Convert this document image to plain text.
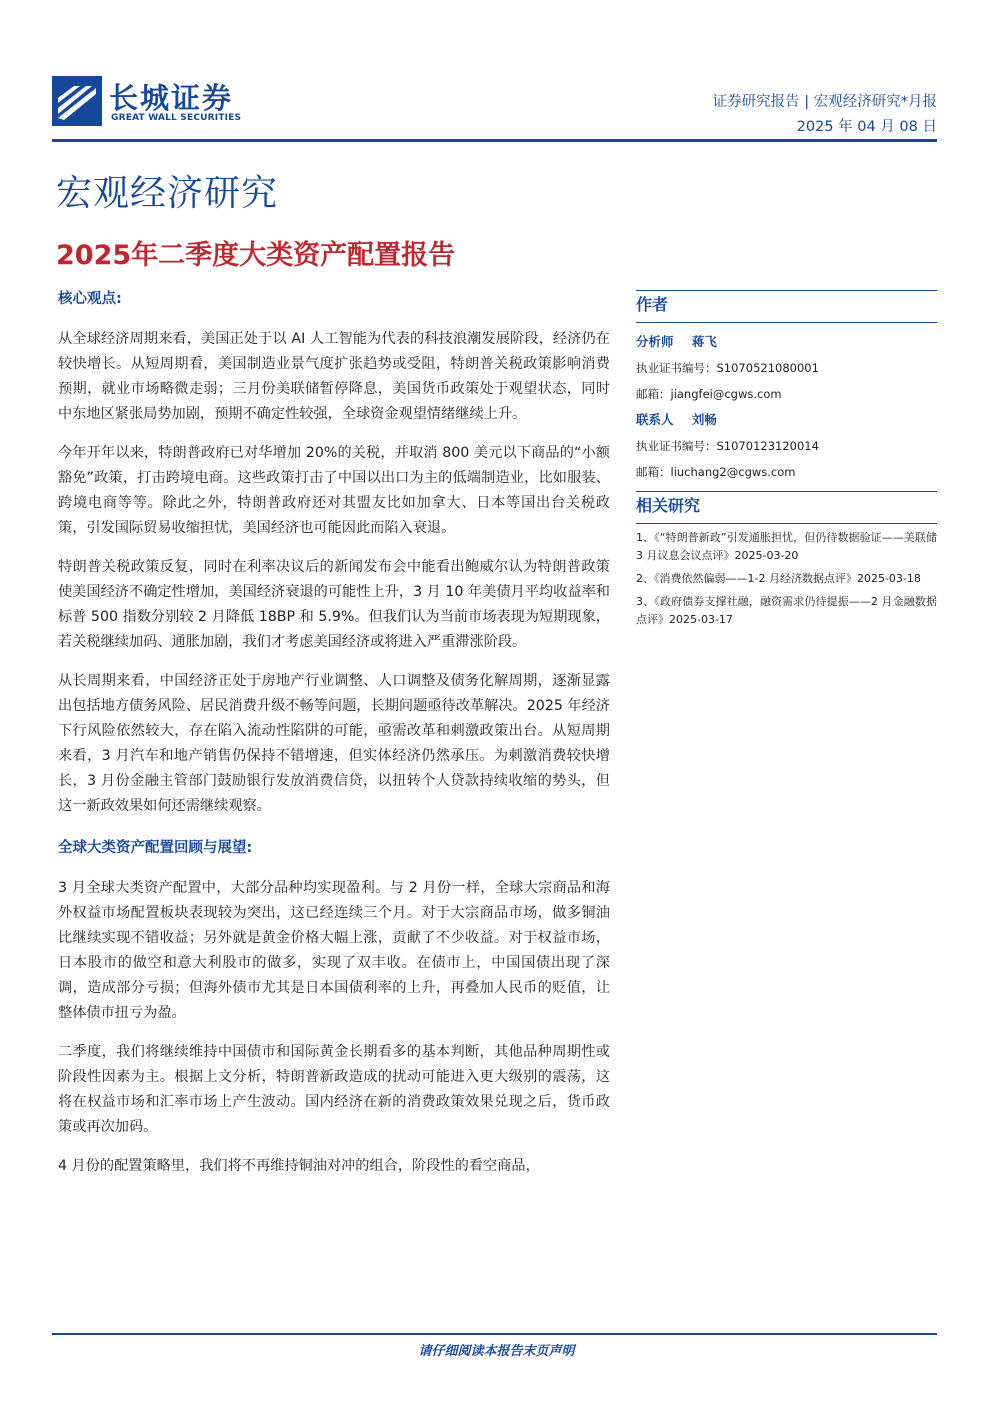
长城证券
GREAT WALL SECURITIES
证券研究报告 | 宏观经济研究*月报
2025 年 04 月 08 日
宏观经济研究
2025年二季度大类资产配置报告
核心观点:

从全球经济周期来看，美国正处于以 AI 人工智能为代表的科技浪潮发展阶段，经济仍在较快增长。从短周期看，美国制造业景气度扩张趋势或受阻，特朗普关税政策影响消费预期，就业市场略微走弱；三月份美联储暂停降息，美国货币政策处于观望状态，同时中东地区紧张局势加剧，预期不确定性较强，全球资金观望情绪继续上升。

今年开年以来，特朗普政府已对华增加 20%的关税，并取消 800 美元以下商品的“小额豁免”政策，打击跨境电商。这些政策打击了中国以出口为主的低端制造业，比如服装、跨境电商等等。除此之外，特朗普政府还对其盟友比如加拿大、日本等国出台关税政策，引发国际贸易收缩担忧，美国经济也可能因此而陷入衰退。

特朗普关税政策反复，同时在利率决议后的新闻发布会中能看出鲍威尔认为特朗普政策使美国经济不确定性增加，美国经济衰退的可能性上升，3 月 10 年美债月平均收益率和标普 500 指数分别较 2 月降低 18BP 和 5.9%。但我们认为当前市场表现为短期现象，若关税继续加码、通胀加剧，我们才考虑美国经济或将进入严重滞涨阶段。

从长周期来看，中国经济正处于房地产行业调整、人口调整及债务化解周期，逐渐显露出包括地方债务风险、居民消费升级不畅等问题，长期问题亟待改革解决。2025 年经济下行风险依然较大，存在陷入流动性陷阱的可能，亟需改革和刺激政策出台。从短周期来看，3 月汽车和地产销售仍保持不错增速，但实体经济仍然承压。为刺激消费较快增长，3 月份金融主管部门鼓励银行发放消费信贷，以扭转个人贷款持续收缩的势头，但这一新政效果如何还需继续观察。

全球大类资产配置回顾与展望:

3 月全球大类资产配置中，大部分品种均实现盈利。与 2 月份一样，全球大宗商品和海外权益市场配置板块表现较为突出，这已经连续三个月。对于大宗商品市场，做多铜油比继续实现不错收益；另外就是黄金价格大幅上涨，贡献了不少收益。对于权益市场，日本股市的做空和意大利股市的做多，实现了双丰收。在债市上，中国国债出现了深调，造成部分亏损；但海外债市尤其是日本国债利率的上升，再叠加人民币的贬值，让整体债市扭亏为盈。

二季度，我们将继续维持中国债市和国际黄金长期看多的基本判断，其他品种周期性或阶段性因素为主。根据上文分析，特朗普新政造成的扰动可能进入更大级别的震荡，这将在权益市场和汇率市场上产生波动。国内经济在新的消费政策效果兑现之后，货币政策或再次加码。

4 月份的配置策略里，我们将不再维持铜油对冲的组合，阶段性的看空商品，

作者
分析师 蒋飞
执业证书编号：S1070521080001
邮箱：jiangfei@cgws.com
联系人 刘畅
执业证书编号：S1070123120014
邮箱：liuchang2@cgws.com
相关研究
1、《“特朗普新政”引发通胀担忧，但仍待数据验证——美联储 3 月议息会议点评》2025-03-20
2、《消费依然偏弱——1-2 月经济数据点评》2025-03-18
3、《政府债券支撑社融，融资需求仍待提振——2 月金融数据点评》2025-03-17
请仔细阅读本报告末页声明
